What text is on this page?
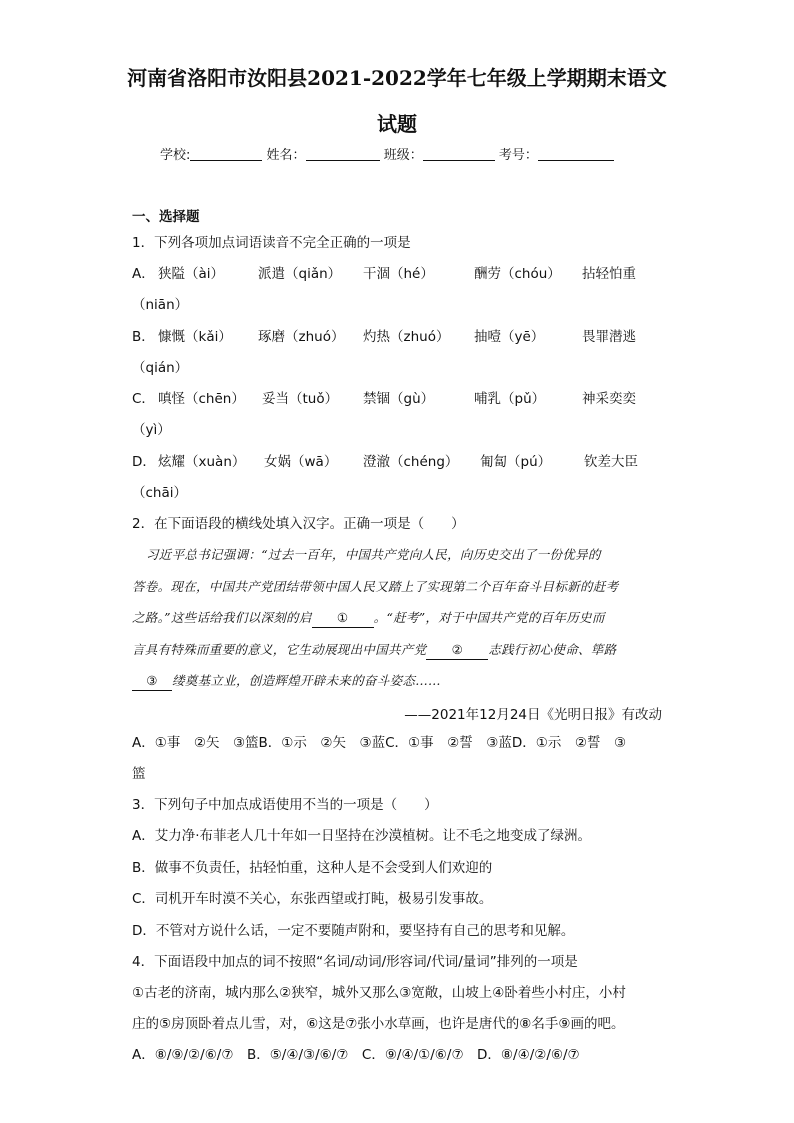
河南省洛阳市汝阳县2021-2022学年七年级上学期期末语文
试题
学校:	姓名：	班级：	考号：
一、选择题
1．下列各项加点词语读音不完全正确的一项是
A． 狭隘（ài）	派遣（qiǎn） 干涸（hé）	酬劳（chóu） 拈轻怕重
（niān）
B． 慷慨（kǎi） 琢磨（zhuó） 灼热（zhuó） 抽噎（yē）	畏罪潜逃
（qián）
C． 嗔怪（chēn） 妥当（tuǒ） 禁锢（gù）	哺乳（pǔ）	神采奕奕
（yì）
D． 炫耀（xuàn） 女娲（wā） 澄澈（chéng） 匍匐（pú） 钦差大臣
（chāi）
2．在下面语段的横线处填入汉字。正确一项是（　　）
习近平总书记强调：“过去一百年，中国共产党向人民，向历史交出了一份优异的
答卷。现在，中国共产党团结带领中国人民又踏上了实现第二个百年奋斗目标新的赶考
之路。”这些话给我们以深刻的启 ① 。“赶考”，对于中国共产党的百年历史而
言具有特殊而重要的意义，它生动展现出中国共产党 ② 志践行初心使命、筚路
③ 缕奠基立业，创造辉煌开辟未来的奋斗姿态……
——2021年12月24日《光明日报》有改动
A．①事　②矢　③篮B．①示　②矢　③蓝C．①事　②誓　③蓝D．①示　②誓　③
篮
3．下列句子中加点成语使用不当的一项是（　　）
A．艾力净·布菲老人几十年如一日坚持在沙漠植树。让不毛之地变成了绿洲。
B．做事不负责任，拈轻怕重，这种人是不会受到人们欢迎的
C．司机开车时漠不关心，东张西望或打盹，极易引发事故。
D．不管对方说什么话，一定不要随声附和，要坚持有自己的思考和见解。
4．下面语段中加点的词不按照“名词/动词/形容词/代词/量词”排列的一项是
①古老的济南，城内那么②狭窄，城外又那么③宽敞，山坡上④卧着些小村庄，小村
庄的⑤房顶卧着点儿雪，对，⑥这是⑦张小水草画，也许是唐代的⑧名手⑨画的吧。
A．⑧/⑨/②/⑥/⑦　B．⑤/④/③/⑥/⑦　C．⑨/④/①/⑥/⑦　D．⑧/④/②/⑥/⑦
